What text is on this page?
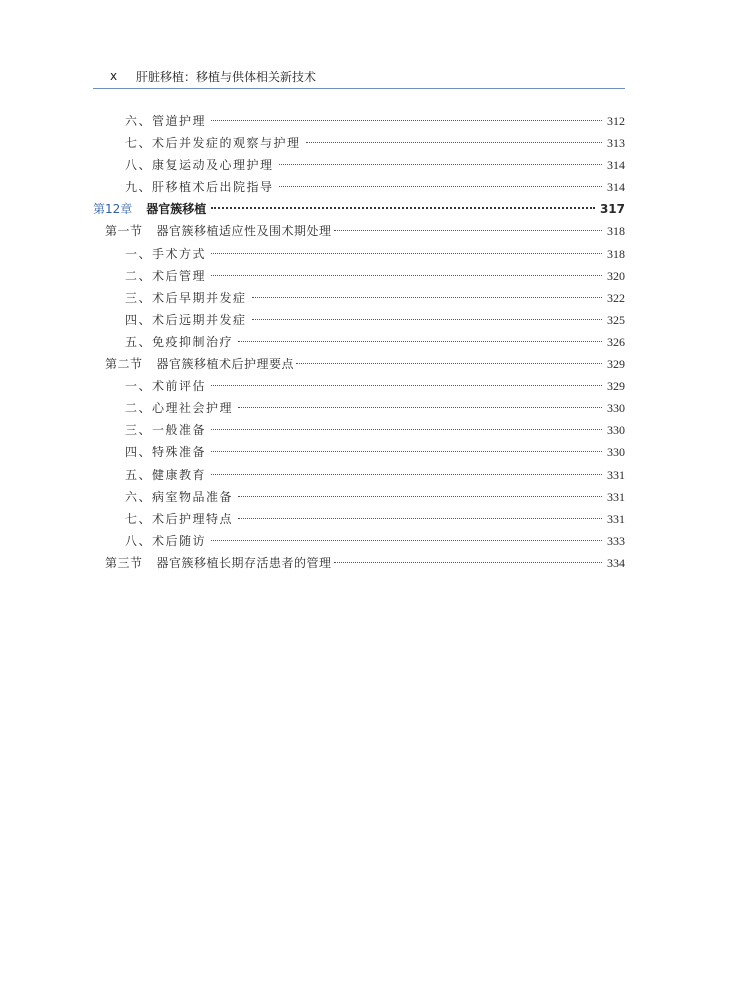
x 肝脏移植：移植与供体相关新技术
六、管道护理	312
七、术后并发症的观察与护理	313
八、康复运动及心理护理	314
九、肝移植术后出院指导	314
第12章 器官簇移植	317
第一节 器官簇移植适应性及围术期处理	318
一、手术方式	318
二、术后管理	320
三、术后早期并发症	322
四、术后远期并发症	325
五、免疫抑制治疗	326
第二节 器官簇移植术后护理要点	329
一、术前评估	329
二、心理社会护理	330
三、一般准备	330
四、特殊准备	330
五、健康教育	331
六、病室物品准备	331
七、术后护理特点	331
八、术后随访	333
第三节 器官簇移植长期存活患者的管理	334
